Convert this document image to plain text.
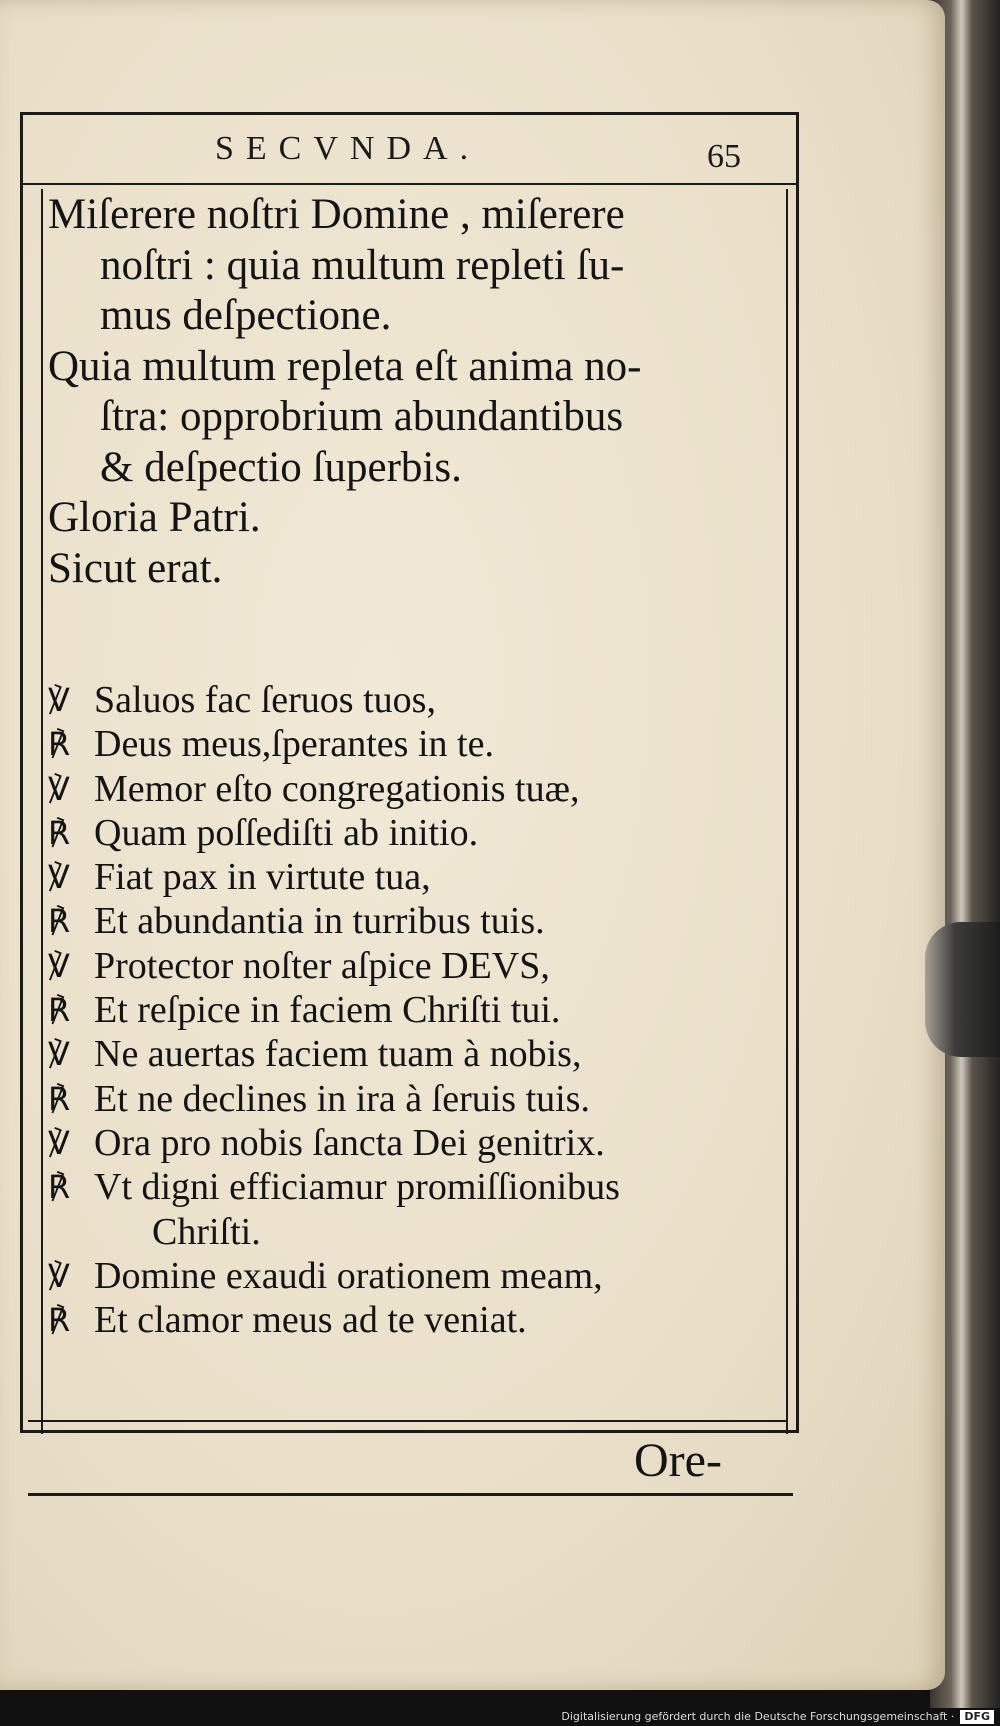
SECVNDA.	65
Miſerere noſtri Domine , miſerere
noſtri : quia multum repleti ſu-
mus deſpectione.
Quia multum repleta eſt anima no-
ſtra: opprobrium abundantibus
& deſpectio ſuperbis.
Gloria Patri.
Sicut erat.
℣ Saluos fac ſeruos tuos,
℟ Deus meus,ſperantes in te.
℣ Memor eſto congregationis tuæ,
℟ Quam poſſediſti ab initio.
℣ Fiat pax in virtute tua,
℟ Et abundantia in turribus tuis.
℣ Protector noſter aſpice DEVS,
℟ Et reſpice in faciem Chriſti tui.
℣ Ne auertas faciem tuam à nobis,
℟ Et ne declines in ira à ſeruis tuis.
℣ Ora pro nobis ſancta Dei genitrix.
℟ Vt digni efficiamur promiſſionibus
Chriſti.
℣ Domine exaudi orationem meam,
℟ Et clamor meus ad te veniat.
Ore-
Digitalisierung gefördert durch die Deutsche Forschungsgemeinschaft · DFG
